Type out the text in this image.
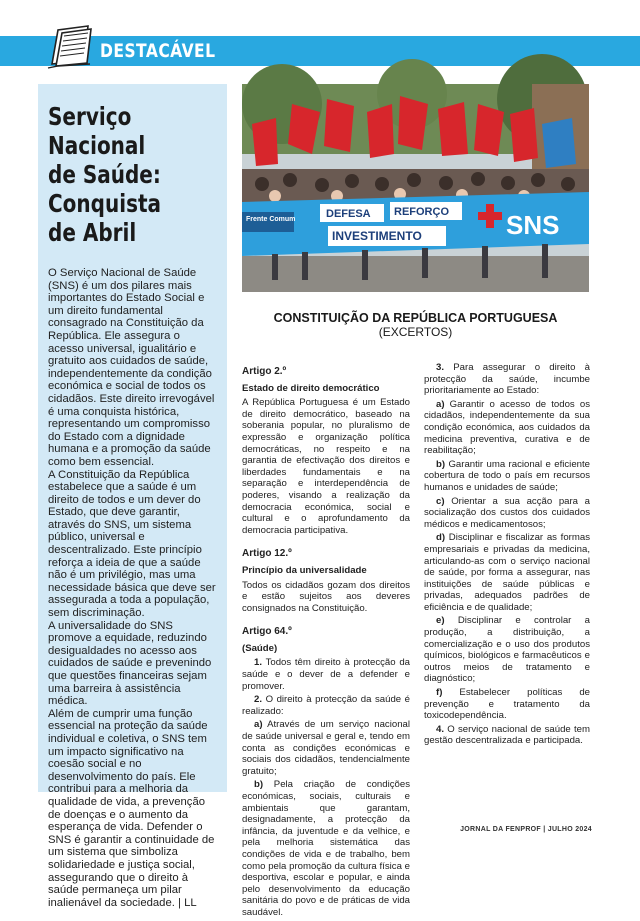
DESTACÁVEL
Serviço Nacional
de Saúde:
Conquista
de Abril

O Serviço Nacional de Saúde (SNS) é um dos pilares mais importantes do Estado Social e um direito fundamental consagrado na Constituição da República. Ele assegura o acesso universal, igualitário e gratuito aos cuidados de saúde, independentemente da condição económica e social de todos os cidadãos. Este direito irrevogável é uma conquista histórica, representando um compromisso do Estado com a dignidade humana e a promoção da saúde como bem essencial.

A Constituição da República estabelece que a saúde é um direito de todos e um dever do Estado, que deve garantir, através do SNS, um sistema público, universal e descentralizado. Este princípio reforça a ideia de que a saúde não é um privilégio, mas uma necessidade básica que deve ser assegurada a toda a população, sem discriminação.

A universalidade do SNS promove a equidade, reduzindo desigualdades no acesso aos cuidados de saúde e prevenindo que questões financeiras sejam uma barreira à assistência médica.

Além de cumprir uma função essencial na proteção da saúde individual e coletiva, o SNS tem um impacto significativo na coesão social e no desenvolvimento do país. Ele contribui para a melhoria da qualidade de vida, a prevenção de doenças e o aumento da esperança de vida. Defender o SNS é garantir a continuidade de um sistema que simboliza solidariedade e justiça social, assegurando que o direito à saúde permaneça um pilar inalienável da sociedade. | LL

Frente Comum	DEFESA REFORÇO
INVESTIMENTO	SNS
CONSTITUIÇÃO DA REPÚBLICA PORTUGUESA
(EXCERTOS)

Artigo 2.º

Estado de direito democrático

A República Portuguesa é um Estado de direito democrático, baseado na soberania popular, no pluralismo de expressão e organização política democráticas, no respeito e na garantia de efectivação dos direitos e liberdades fundamentais e na separação e interdependência de poderes, visando a realização da democracia económica, social e cultural e o aprofundamento da democracia participativa.

Artigo 12.º

Princípio da universalidade

Todos os cidadãos gozam dos direitos e estão sujeitos aos deveres consignados na Constituição.

Artigo 64.º

(Saúde)

1. Todos têm direito à protecção da saúde e o dever de a defender e promover.

2. O direito à protecção da saúde é realizado:

a) Através de um serviço nacional de saúde universal e geral e, tendo em conta as condições económicas e sociais dos cidadãos, tendencialmente gratuito;

b) Pela criação de condições económicas, sociais, culturais e ambientais que garantam, designadamente, a protecção da infância, da juventude e da velhice, e pela melhoria sistemática das condições de vida e de trabalho, bem como pela promoção da cultura física e desportiva, escolar e popular, e ainda pelo desenvolvimento da educação sanitária do povo e de práticas de vida saudável.

3. Para assegurar o direito à protecção da saúde, incumbe prioritariamente ao Estado:

a) Garantir o acesso de todos os cidadãos, independentemente da sua condição económica, aos cuidados da medicina preventiva, curativa e de reabilitação;

b) Garantir uma racional e eficiente cobertura de todo o país em recursos humanos e unidades de saúde;

c) Orientar a sua acção para a socialização dos custos dos cuidados médicos e medicamentosos;

d) Disciplinar e fiscalizar as formas empresariais e privadas da medicina, articulando-as com o serviço nacional de saúde, por forma a assegurar, nas instituições de saúde públicas e privadas, adequados padrões de eficiência e de qualidade;

e) Disciplinar e controlar a produção, a distribuição, a comercialização e o uso dos produtos químicos, biológicos e farmacêuticos e outros meios de tratamento e diagnóstico;

f) Estabelecer políticas de prevenção e tratamento da toxicodependência.

4. O serviço nacional de saúde tem gestão descentralizada e participada.

JORNAL DA FENPROF | JULHO 2024
